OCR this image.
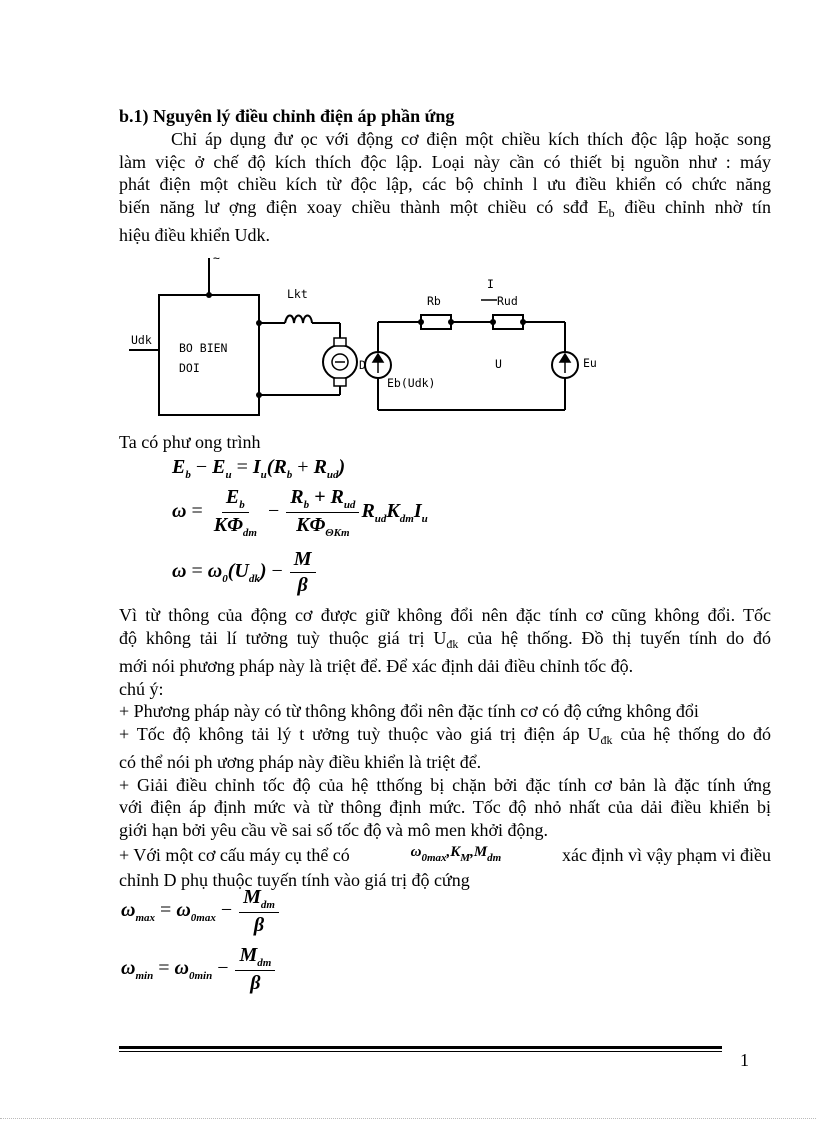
b.1) Nguyên lý điều chỉnh điện áp phần ứng
Chỉ áp dụng đư ọc với động cơ điện một chiều kích thích độc lập hoặc song
làm việc ở chế độ kích thích độc lập. Loại này cần có thiết bị nguồn như : máy
phát điện một chiều kích từ độc lập, các bộ chỉnh l ưu điều khiển có chức năng
biến năng lư ợng điện xoay chiều thành một chiều có sđđ $E_b$ điều chỉnh nhờ tín
hiệu điều khiển Udk.
~
Udk
BO BIEN
DOI
Lkt
D
I
Rb	Rud
U
Eb(Udk)
Eu
Ta có phư ong trình
$E_b - E_u = I_u(R_b + R_{ud})$
$\omega = \frac{E_b}{K\Phi_{dm}} - \frac{R_b + R_{ud}}{K\Phi_{\Theta Km}} R_{ud}K_{dm}I_u$
$\omega = \omega_0(U_{dk}) - \frac{M}{\beta}$
Vì từ thông của động cơ được giữ không đổi nên đặc tính cơ cũng không đổi. Tốc
độ không tải lí tưởng tuỳ thuộc giá trị $U_{đk}$ của hệ thống. Đồ thị tuyến tính do đó
mới nói phương pháp này là triệt để. Để xác định dải điều chỉnh tốc độ.
chú ý:
+ Phương pháp này có từ thông không đổi nên đặc tính cơ có độ cứng không đổi
+ Tốc độ không tải lý t ưởng tuỳ thuộc vào giá trị điện áp $U_{đk}$ của hệ thống do đó
có thể nói ph ương pháp này điều khiển là triệt để.
+ Giải điều chỉnh tốc độ của hệ tthống bị chặn bởi đặc tính cơ bản là đặc tính ứng
với điện áp định mức và từ thông định mức. Tốc độ nhỏ nhất của dải điều khiển bị
giới hạn bởi yêu cầu về sai số tốc độ và mô men khởi động.
+ Với một cơ cấu máy cụ thể có	$\omega_{0max},K_M,M_{dm}$	xác định vì vậy phạm vi điều
chỉnh D phụ thuộc tuyến tính vào giá trị độ cứng
$\omega_{max} = \omega_{0max} - \frac{M_{dm}}{\beta}$
$\omega_{min} = \omega_{0min} - \frac{M_{dm}}{\beta}$
1
